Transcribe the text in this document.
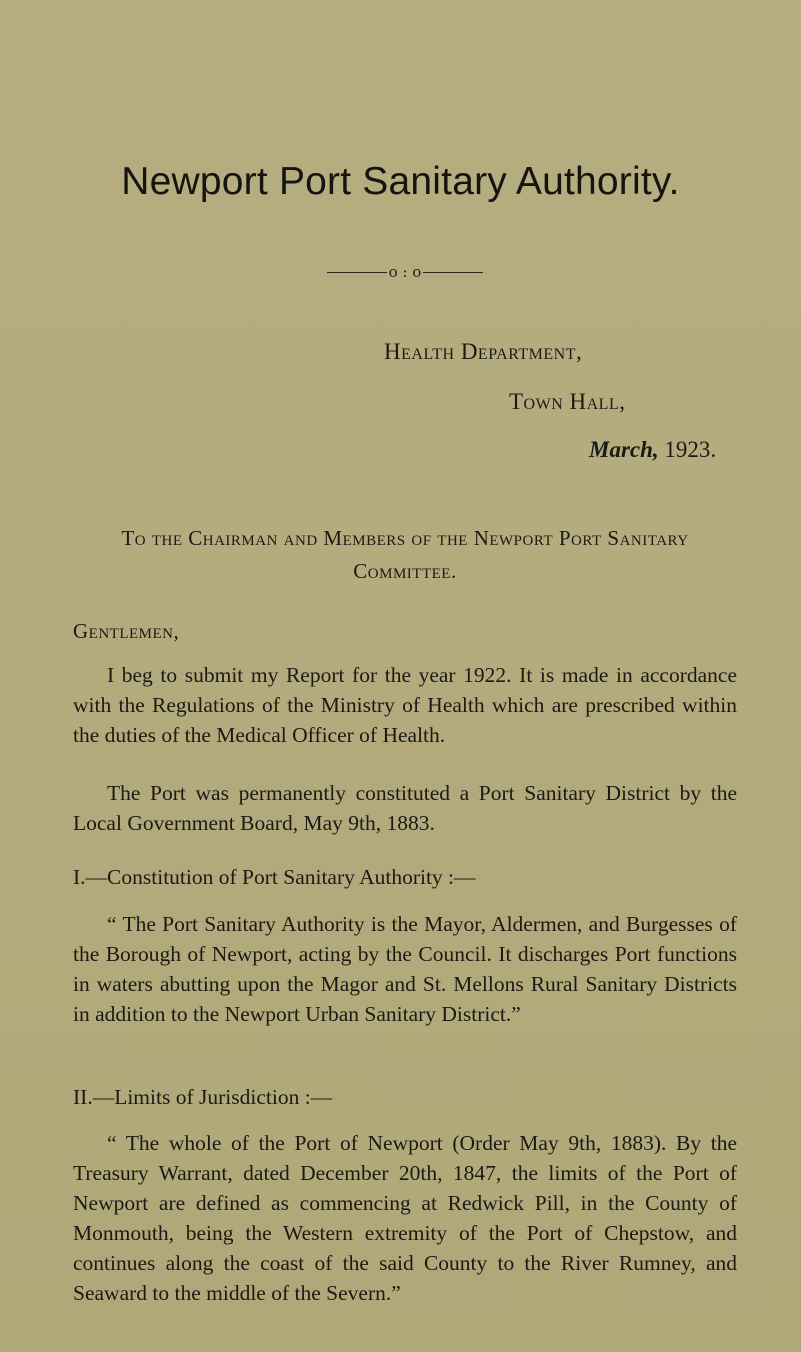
Newport Port Sanitary Authority.
o : o
Health Department,
Town Hall,
March, 1923.
To the Chairman and Members of the Newport Port Sanitary Committee.
Gentlemen,
I beg to submit my Report for the year 1922. It is made in accordance with the Regulations of the Ministry of Health which are prescribed within the duties of the Medical Officer of Health.
The Port was permanently constituted a Port Sanitary District by the Local Government Board, May 9th, 1883.
I.—Constitution of Port Sanitary Authority :—
“ The Port Sanitary Authority is the Mayor, Aldermen, and Burgesses of the Borough of Newport, acting by the Council. It discharges Port functions in waters abutting upon the Magor and St. Mellons Rural Sanitary Districts in addition to the Newport Urban Sanitary District.”
II.—Limits of Jurisdiction :—
“ The whole of the Port of Newport (Order May 9th, 1883). By the Treasury Warrant, dated December 20th, 1847, the limits of the Port of Newport are defined as commencing at Redwick Pill, in the County of Monmouth, being the Western extremity of the Port of Chepstow, and continues along the coast of the said County to the River Rumney, and Seaward to the middle of the Severn.”
